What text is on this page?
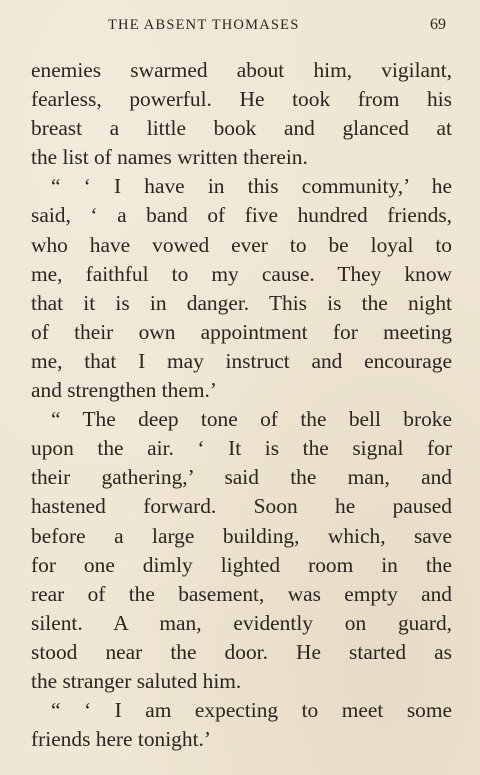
THE ABSENT THOMASES	69
enemies swarmed about him, vigilant,
fearless, powerful. He took from his
breast a little book and glanced at
the list of names written therein.
“ ‘ I have in this community,’ he
said, ‘ a band of five hundred friends,
who have vowed ever to be loyal to
me, faithful to my cause. They know
that it is in danger. This is the night
of their own appointment for meeting
me, that I may instruct and encourage
and strengthen them.’
“ The deep tone of the bell broke
upon the air. ‘ It is the signal for
their gathering,’ said the man, and
hastened forward. Soon he paused
before a large building, which, save
for one dimly lighted room in the
rear of the basement, was empty and
silent. A man, evidently on guard,
stood near the door. He started as
the stranger saluted him.
“ ‘ I am expecting to meet some
friends here tonight.’
